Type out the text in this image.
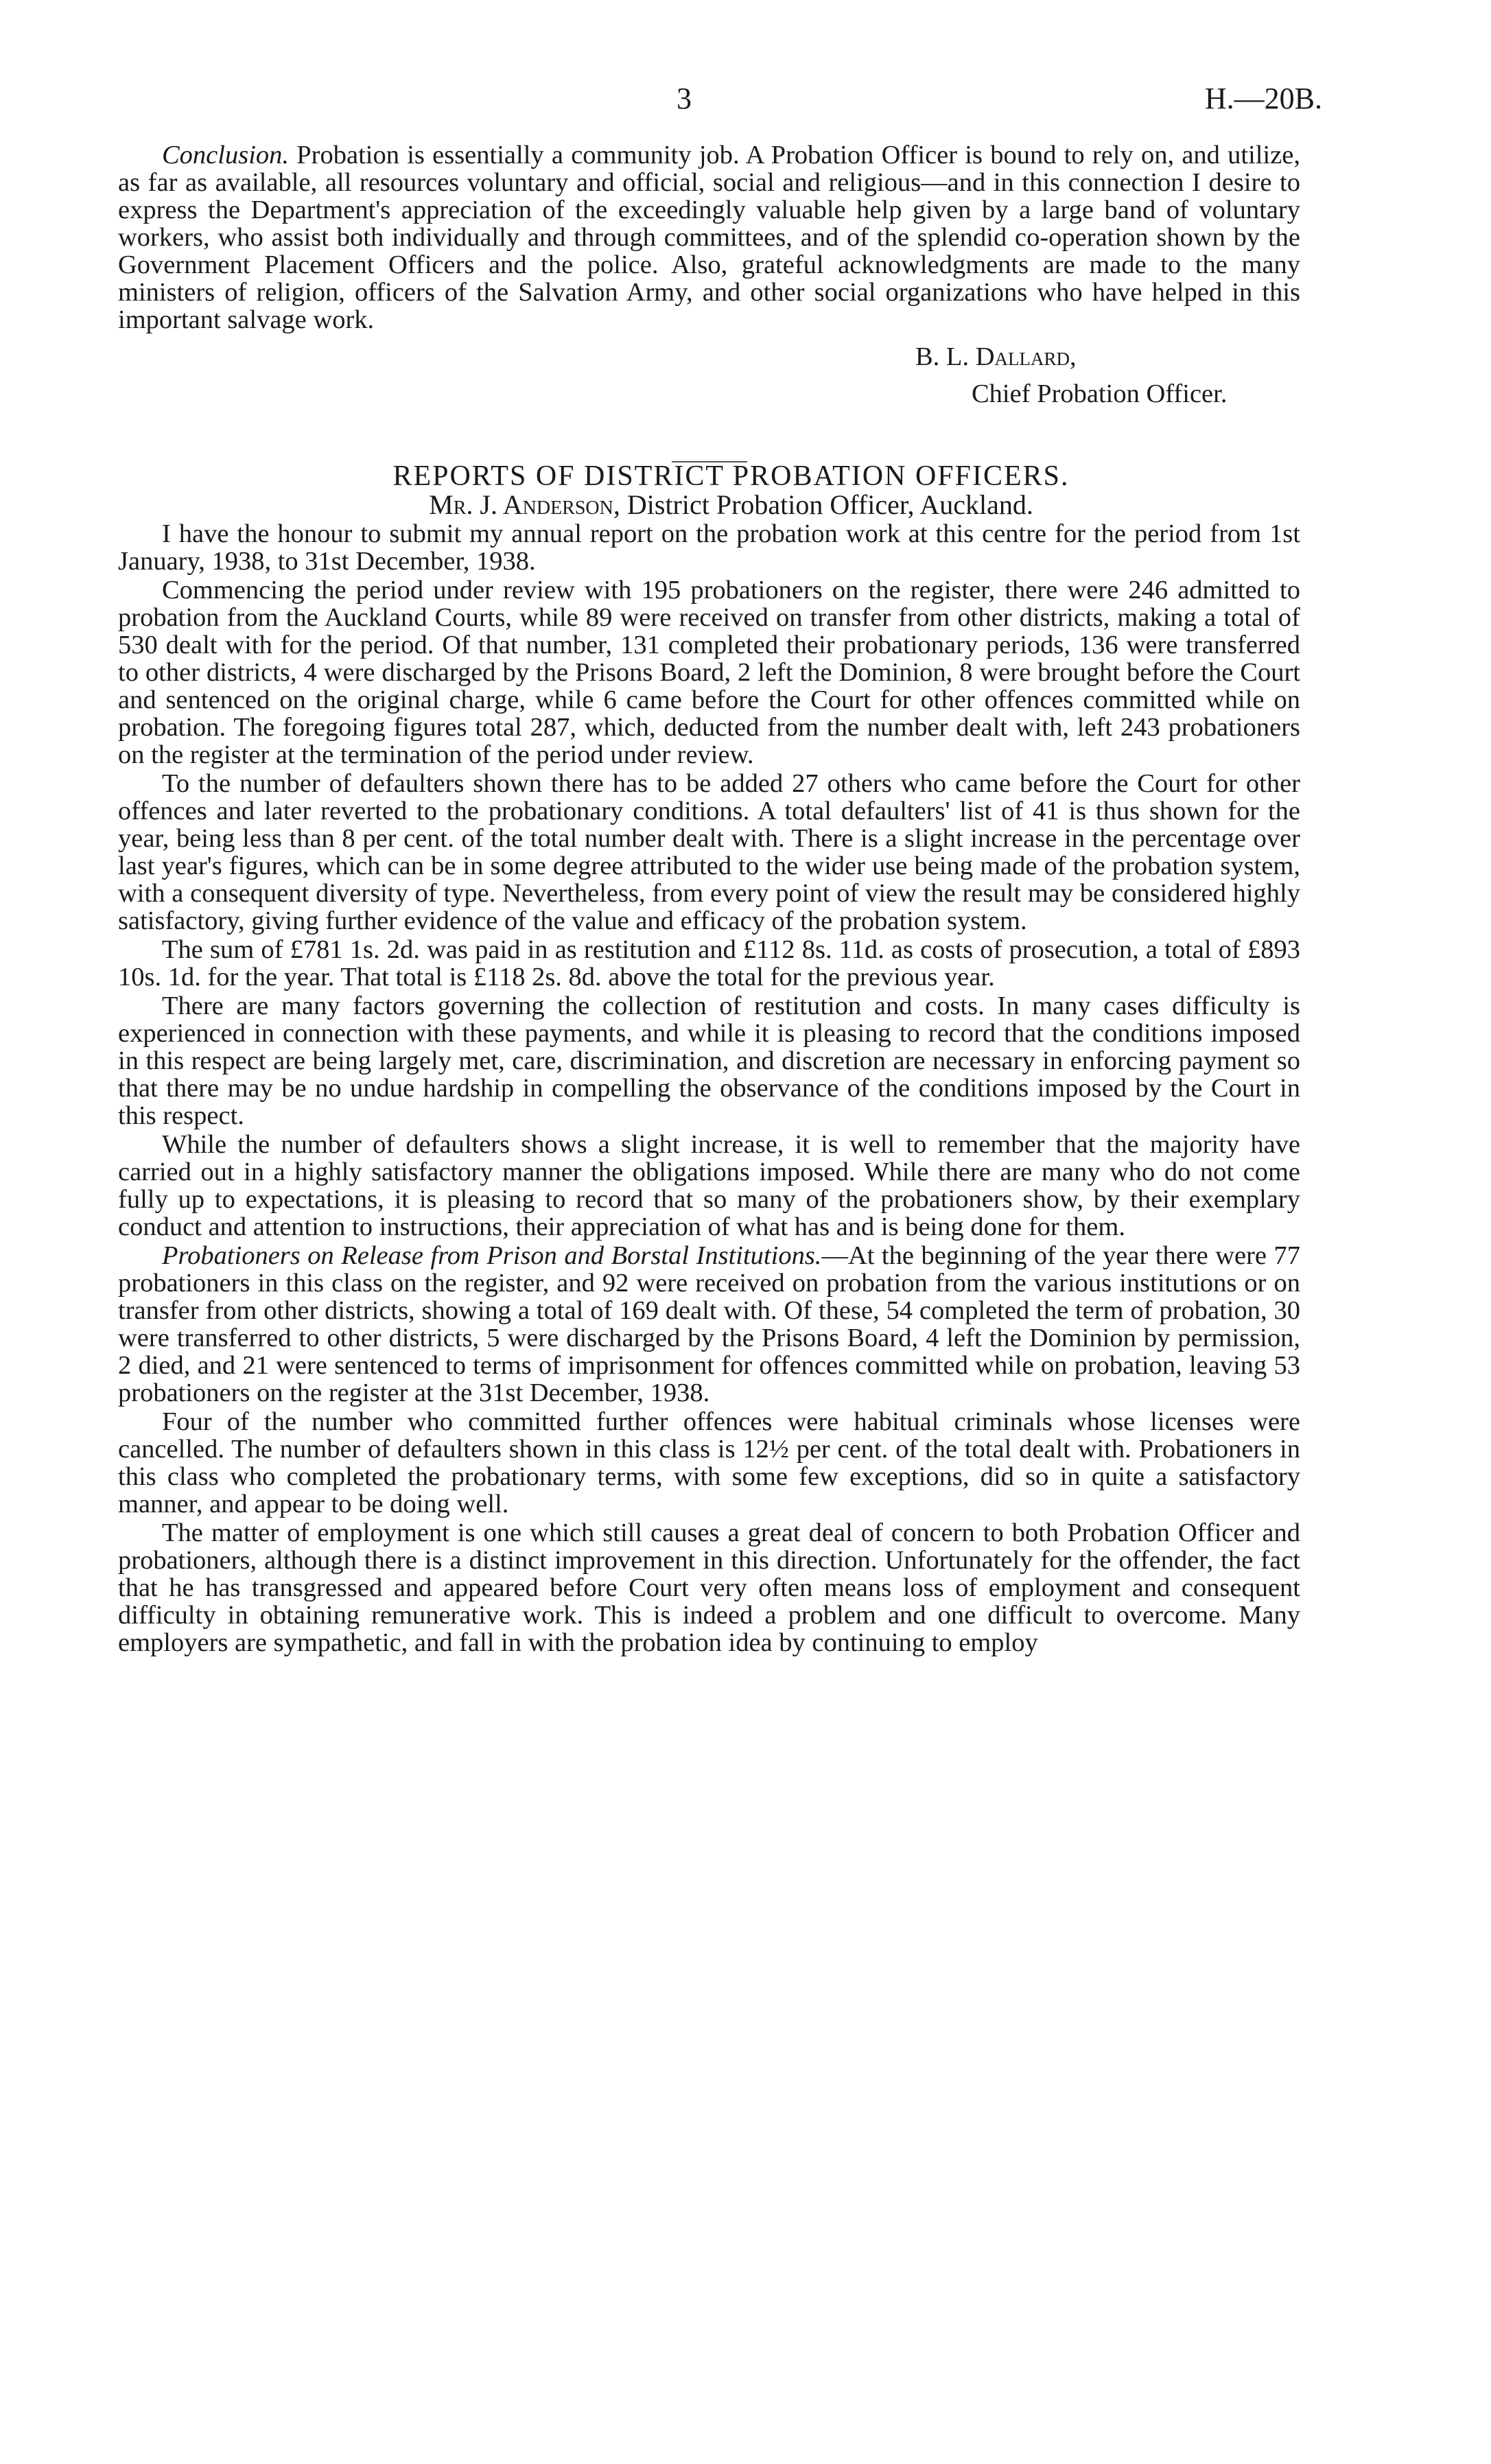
3	H.—20B.

Conclusion. Probation is essentially a community job. A Probation Officer is bound to rely on, and utilize, as far as available, all resources voluntary and official, social and religious—and in this connection I desire to express the Department's appreciation of the exceedingly valuable help given by a large band of voluntary workers, who assist both individually and through committees, and of the splendid co-operation shown by the Government Placement Officers and the police. Also, grateful acknowledgments are made to the many ministers of religion, officers of the Salvation Army, and other social organizations who have helped in this important salvage work.

B. L. Dallard,

Chief Probation Officer.

REPORTS OF DISTRICT PROBATION OFFICERS.

Mr. J. Anderson, District Probation Officer, Auckland.

I have the honour to submit my annual report on the probation work at this centre for the period from 1st January, 1938, to 31st December, 1938.

Commencing the period under review with 195 probationers on the register, there were 246 admitted to probation from the Auckland Courts, while 89 were received on transfer from other districts, making a total of 530 dealt with for the period. Of that number, 131 completed their probationary periods, 136 were transferred to other districts, 4 were discharged by the Prisons Board, 2 left the Dominion, 8 were brought before the Court and sentenced on the original charge, while 6 came before the Court for other offences committed while on probation. The foregoing figures total 287, which, deducted from the number dealt with, left 243 probationers on the register at the termination of the period under review.

To the number of defaulters shown there has to be added 27 others who came before the Court for other offences and later reverted to the probationary conditions. A total defaulters' list of 41 is thus shown for the year, being less than 8 per cent. of the total number dealt with. There is a slight increase in the percentage over last year's figures, which can be in some degree attributed to the wider use being made of the probation system, with a consequent diversity of type. Nevertheless, from every point of view the result may be considered highly satisfactory, giving further evidence of the value and efficacy of the probation system.

The sum of £781 1s. 2d. was paid in as restitution and £112 8s. 11d. as costs of prosecution, a total of £893 10s. 1d. for the year. That total is £118 2s. 8d. above the total for the previous year.

There are many factors governing the collection of restitution and costs. In many cases difficulty is experienced in connection with these payments, and while it is pleasing to record that the conditions imposed in this respect are being largely met, care, discrimination, and discretion are necessary in enforcing payment so that there may be no undue hardship in compelling the observance of the conditions imposed by the Court in this respect.

While the number of defaulters shows a slight increase, it is well to remember that the majority have carried out in a highly satisfactory manner the obligations imposed. While there are many who do not come fully up to expectations, it is pleasing to record that so many of the probationers show, by their exemplary conduct and attention to instructions, their appreciation of what has and is being done for them.

Probationers on Release from Prison and Borstal Institutions.—At the beginning of the year there were 77 probationers in this class on the register, and 92 were received on probation from the various institutions or on transfer from other districts, showing a total of 169 dealt with. Of these, 54 completed the term of probation, 30 were transferred to other districts, 5 were discharged by the Prisons Board, 4 left the Dominion by permission, 2 died, and 21 were sentenced to terms of imprisonment for offences committed while on probation, leaving 53 probationers on the register at the 31st December, 1938.

Four of the number who committed further offences were habitual criminals whose licenses were cancelled. The number of defaulters shown in this class is 12½ per cent. of the total dealt with. Probationers in this class who completed the probationary terms, with some few exceptions, did so in quite a satisfactory manner, and appear to be doing well.

The matter of employment is one which still causes a great deal of concern to both Probation Officer and probationers, although there is a distinct improvement in this direction. Unfortunately for the offender, the fact that he has transgressed and appeared before Court very often means loss of employment and consequent difficulty in obtaining remunerative work. This is indeed a problem and one difficult to overcome. Many employers are sympathetic, and fall in with the probation idea by continuing to employ
